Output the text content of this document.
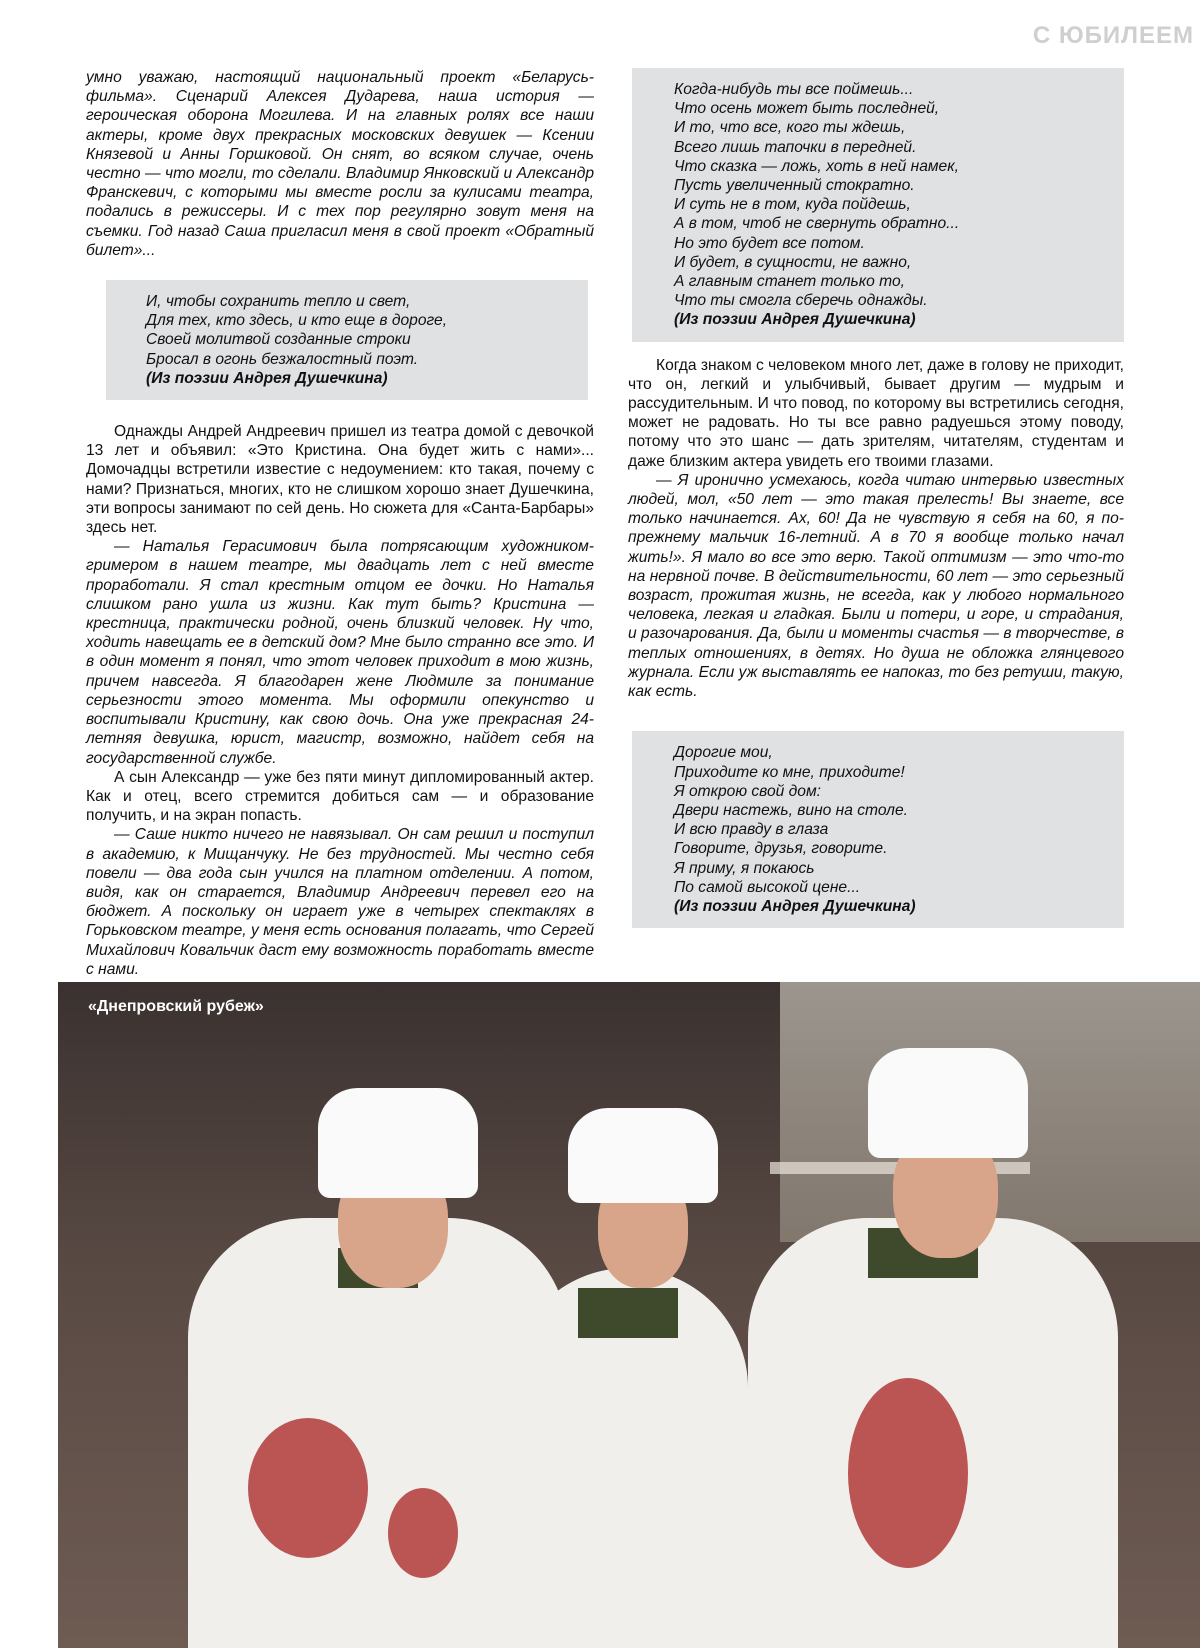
С ЮБИЛЕЕМ

умно уважаю, настоящий национальный проект «Беларусь-фильма». Сценарий Алексея Дударева, наша история — героическая оборона Могилева. И на главных ролях все наши актеры, кроме двух прекрасных московских девушек — Ксении Князевой и Анны Горшковой. Он снят, во всяком случае, очень честно — что могли, то сделали. Владимир Янковский и Александр Франскевич, с которыми мы вместе росли за кулисами театра, подались в режиссеры. И с тех пор регулярно зовут меня на съемки. Год назад Саша пригласил меня в свой проект «Обратный билет»...

И, чтобы сохранить тепло и свет,
Для тех, кто здесь, и кто еще в дороге,
Своей молитвой созданные строки
Бросал в огонь безжалостный поэт.
(Из поэзии Андрея Душечкина)

Однажды Андрей Андреевич пришел из театра домой с девочкой 13 лет и объявил: «Это Кристина. Она будет жить с нами»... Домочадцы встретили известие с недоумением: кто такая, почему с нами? Признаться, многих, кто не слишком хорошо знает Душечкина, эти вопросы занимают по сей день. Но сюжета для «Санта-Барбары» здесь нет.

— Наталья Герасимович была потрясающим художником-гримером в нашем театре, мы двадцать лет с ней вместе проработали. Я стал крестным отцом ее дочки. Но Наталья слишком рано ушла из жизни. Как тут быть? Кристина — крестница, практически родной, очень близкий человек. Ну что, ходить навещать ее в детский дом? Мне было странно все это. И в один момент я понял, что этот человек приходит в мою жизнь, причем навсегда. Я благодарен жене Людмиле за понимание серьезности этого момента. Мы оформили опекунство и воспитывали Кристину, как свою дочь. Она уже прекрасная 24-летняя девушка, юрист, магистр, возможно, найдет себя на государственной службе.

А сын Александр — уже без пяти минут дипломированный актер. Как и отец, всего стремится добиться сам — и образование получить, и на экран попасть.

— Саше никто ничего не навязывал. Он сам решил и поступил в академию, к Мищанчуку. Не без трудностей. Мы честно себя повели — два года сын учился на платном отделении. А потом, видя, как он старается, Владимир Андреевич перевел его на бюджет. А поскольку он играет уже в четырех спектаклях в Горьковском театре, у меня есть основания полагать, что Сергей Михайлович Ковальчик даст ему возможность поработать вместе с нами.

Когда-нибудь ты все поймешь...
Что осень может быть последней,
И то, что все, кого ты ждешь,
Всего лишь тапочки в передней.
Что сказка — ложь, хоть в ней намек,
Пусть увеличенный стократно.
И суть не в том, куда пойдешь,
А в том, чтоб не свернуть обратно...
Но это будет все потом.
И будет, в сущности, не важно,
А главным станет только то,
Что ты смогла сберечь однажды.
(Из поэзии Андрея Душечкина)

Когда знаком с человеком много лет, даже в голову не приходит, что он, легкий и улыбчивый, бывает другим — мудрым и рассудительным. И что повод, по которому вы встретились сегодня, может не радовать. Но ты все равно радуешься этому поводу, потому что это шанс — дать зрителям, читателям, студентам и даже близким актера увидеть его твоими глазами.

— Я иронично усмехаюсь, когда читаю интервью известных людей, мол, «50 лет — это такая прелесть! Вы знаете, все только начинается. Ах, 60! Да не чувствую я себя на 60, я по-прежнему мальчик 16-летний. А в 70 я вообще только начал жить!». Я мало во все это верю. Такой оптимизм — это что-то на нервной почве. В действительности, 60 лет — это серьезный возраст, прожитая жизнь, не всегда, как у любого нормального человека, легкая и гладкая. Были и потери, и горе, и страдания, и разочарования. Да, были и моменты счастья — в творчестве, в теплых отношениях, в детях. Но душа не обложка глянцевого журнала. Если уж выставлять ее напоказ, то без ретуши, такую, как есть.

Дорогие мои,
Приходите ко мне, приходите!
Я открою свой дом:
Двери настежь, вино на столе.
И всю правду в глаза
Говорите, друзья, говорите.
Я приму, я покаюсь
По самой высокой цене...
(Из поэзии Андрея Душечкина)
«Днепровский рубеж»
